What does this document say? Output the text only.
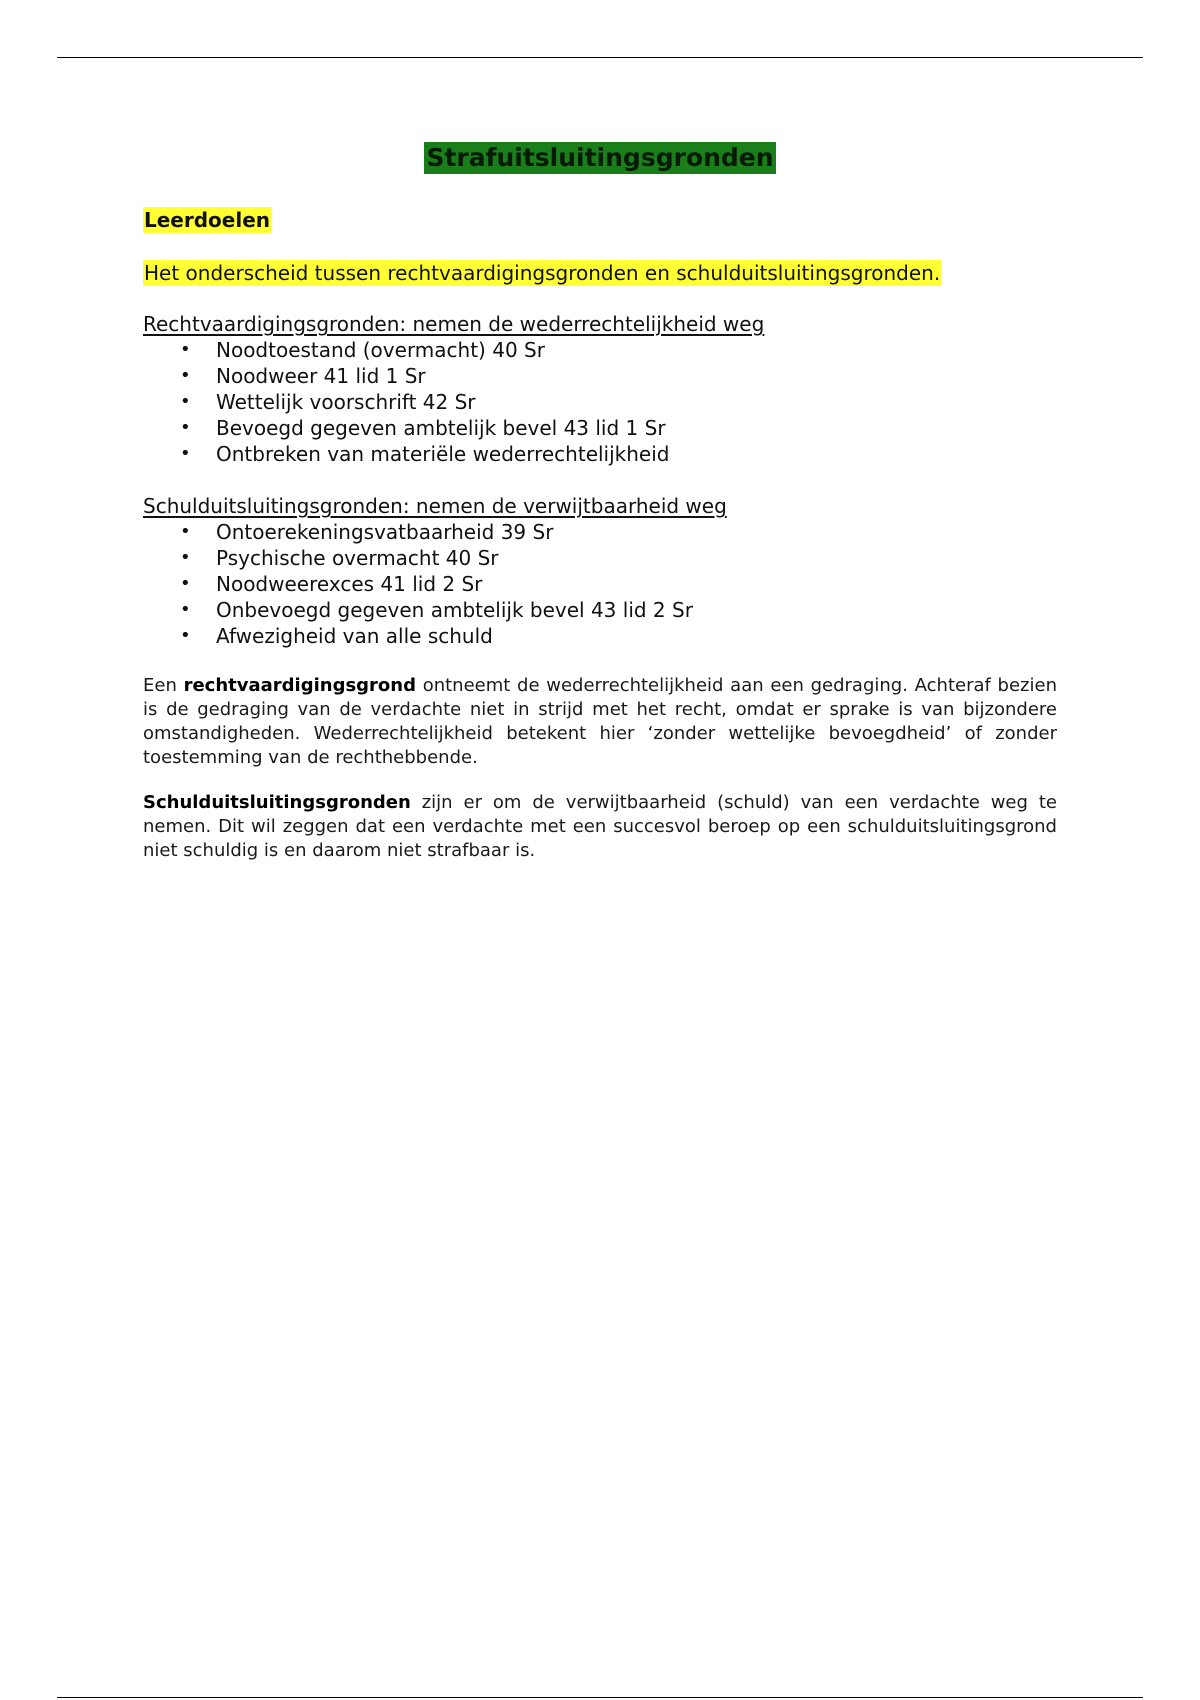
Strafuitsluitingsgronden
Leerdoelen
Het onderscheid tussen rechtvaardigingsgronden en schulduitsluitingsgronden.
Rechtvaardigingsgronden: nemen de wederrechtelijkheid weg
• Noodtoestand (overmacht) 40 Sr
• Noodweer 41 lid 1 Sr
• Wettelijk voorschrift 42 Sr
• Bevoegd gegeven ambtelijk bevel 43 lid 1 Sr
• Ontbreken van materiële wederrechtelijkheid
Schulduitsluitingsgronden: nemen de verwijtbaarheid weg
• Ontoerekeningsvatbaarheid 39 Sr
• Psychische overmacht 40 Sr
• Noodweerexces 41 lid 2 Sr
• Onbevoegd gegeven ambtelijk bevel 43 lid 2 Sr
• Afwezigheid van alle schuld

Een rechtvaardigingsgrond ontneemt de wederrechtelijkheid aan een gedraging. Achteraf bezien is de gedraging van de verdachte niet in strijd met het recht, omdat er sprake is van bijzondere omstandigheden. Wederrechtelijkheid betekent hier ‘zonder wettelijke bevoegdheid’ of zonder toestemming van de rechthebbende.

Schulduitsluitingsgronden zijn er om de verwijtbaarheid (schuld) van een verdachte weg te nemen. Dit wil zeggen dat een verdachte met een succesvol beroep op een schulduitsluitingsgrond niet schuldig is en daarom niet strafbaar is.
